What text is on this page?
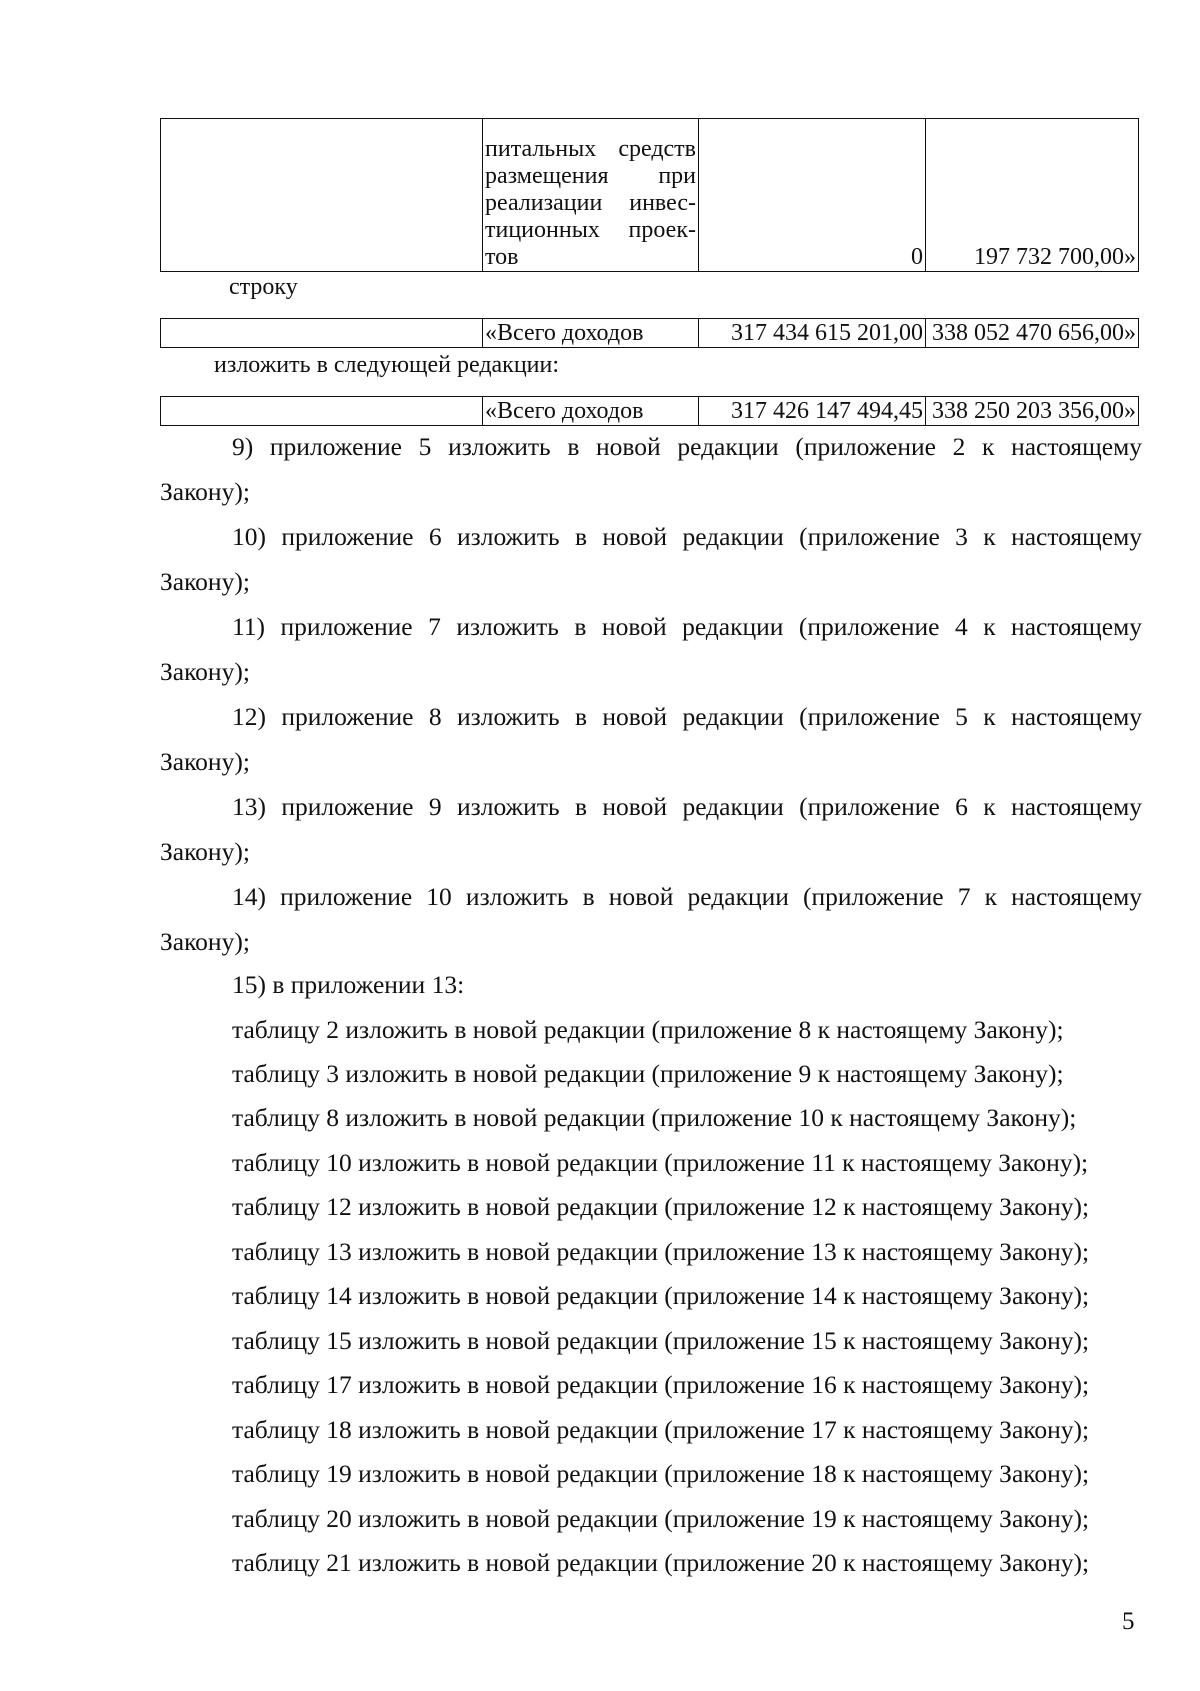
питальных средств
размещения при
реализации инвес-
тиционных проек-
тов	0	197 732 700,00»
строку
	«Всего доходов	317 434 615 201,00	338 052 470 656,00»
изложить в следующей редакции:
	«Всего доходов	317 426 147 494,45	338 250 203 356,00»
9) приложение 5 изложить в новой редакции (приложение 2 к настоящему
Закону);
10) приложение 6 изложить в новой редакции (приложение 3 к настоящему
Закону);
11) приложение 7 изложить в новой редакции (приложение 4 к настоящему
Закону);
12) приложение 8 изложить в новой редакции (приложение 5 к настоящему
Закону);
13) приложение 9 изложить в новой редакции (приложение 6 к настоящему
Закону);
14) приложение 10 изложить в новой редакции (приложение 7 к настоящему
Закону);
15) в приложении 13:
таблицу 2 изложить в новой редакции (приложение 8 к настоящему Закону);
таблицу 3 изложить в новой редакции (приложение 9 к настоящему Закону);
таблицу 8 изложить в новой редакции (приложение 10 к настоящему Закону);
таблицу 10 изложить в новой редакции (приложение 11 к настоящему Закону);
таблицу 12 изложить в новой редакции (приложение 12 к настоящему Закону);
таблицу 13 изложить в новой редакции (приложение 13 к настоящему Закону);
таблицу 14 изложить в новой редакции (приложение 14 к настоящему Закону);
таблицу 15 изложить в новой редакции (приложение 15 к настоящему Закону);
таблицу 17 изложить в новой редакции (приложение 16 к настоящему Закону);
таблицу 18 изложить в новой редакции (приложение 17 к настоящему Закону);
таблицу 19 изложить в новой редакции (приложение 18 к настоящему Закону);
таблицу 20 изложить в новой редакции (приложение 19 к настоящему Закону);
таблицу 21 изложить в новой редакции (приложение 20 к настоящему Закону);
5
